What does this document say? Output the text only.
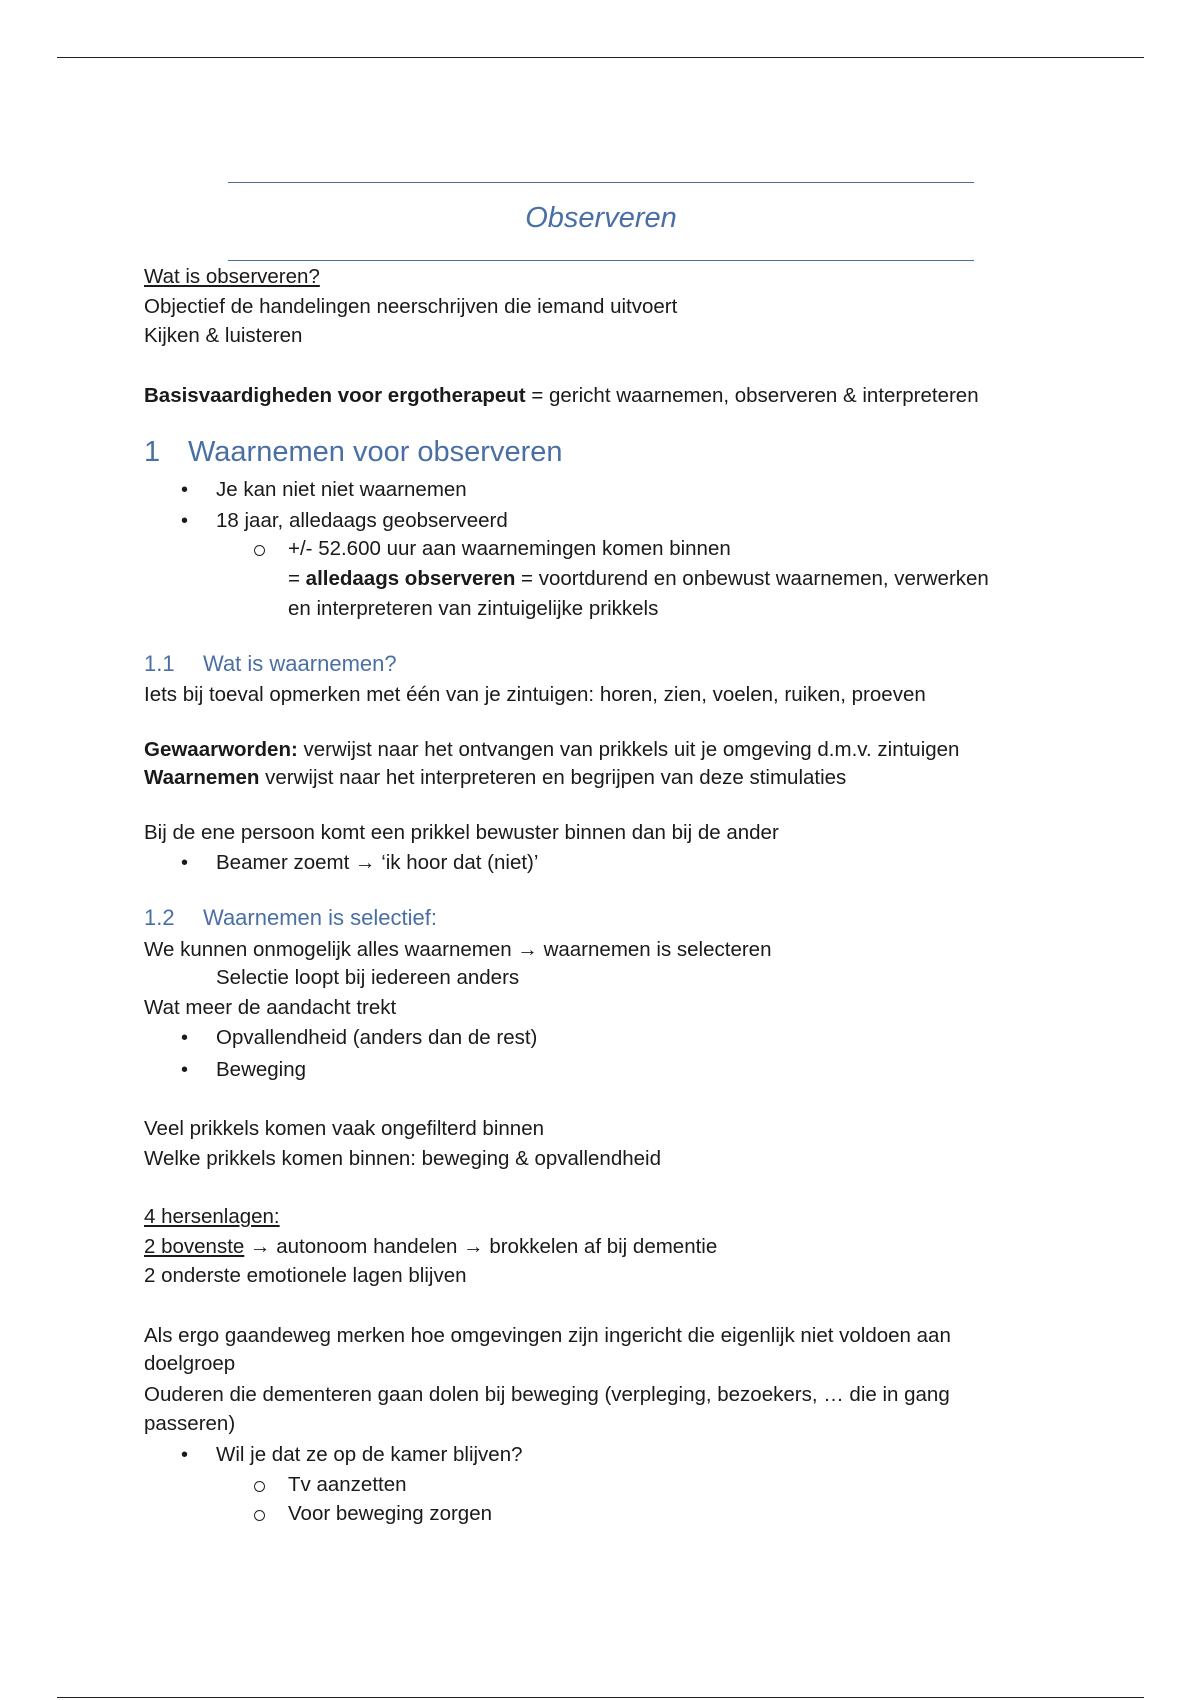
Observeren
Wat is observeren?
Objectief de handelingen neerschrijven die iemand uitvoert
Kijken & luisteren
Basisvaardigheden voor ergotherapeut = gericht waarnemen, observeren & interpreteren
1 Waarnemen voor observeren
• Je kan niet niet waarnemen
• 18 jaar, alledaags geobserveerd
+/- 52.600 uur aan waarnemingen komen binnen
= alledaags observeren = voortdurend en onbewust waarnemen, verwerken
en interpreteren van zintuigelijke prikkels
1.1 Wat is waarnemen?
Iets bij toeval opmerken met één van je zintuigen: horen, zien, voelen, ruiken, proeven
Gewaarworden: verwijst naar het ontvangen van prikkels uit je omgeving d.m.v. zintuigen
Waarnemen verwijst naar het interpreteren en begrijpen van deze stimulaties
Bij de ene persoon komt een prikkel bewuster binnen dan bij de ander
• Beamer zoemt → ‘ik hoor dat (niet)’
1.2 Waarnemen is selectief:
We kunnen onmogelijk alles waarnemen → waarnemen is selecteren
Selectie loopt bij iedereen anders
Wat meer de aandacht trekt
• Opvallendheid (anders dan de rest)
• Beweging
Veel prikkels komen vaak ongefilterd binnen
Welke prikkels komen binnen: beweging & opvallendheid
4 hersenlagen:
2 bovenste → autonoom handelen → brokkelen af bij dementie
2 onderste emotionele lagen blijven
Als ergo gaandeweg merken hoe omgevingen zijn ingericht die eigenlijk niet voldoen aan
doelgroep
Ouderen die dementeren gaan dolen bij beweging (verpleging, bezoekers, … die in gang
passeren)
• Wil je dat ze op de kamer blijven?
Tv aanzetten
Voor beweging zorgen
